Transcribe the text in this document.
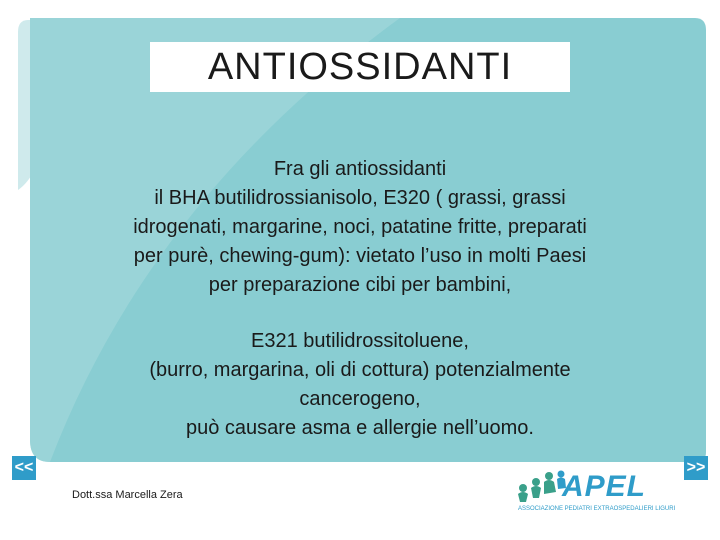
ANTIOSSIDANTI
Fra gli antiossidanti
il BHA butilidrossianisolo, E320 ( grassi, grassi
idrogenati, margarine, noci, patatine fritte, preparati
per purè, chewing-gum): vietato l’uso in molti Paesi
per preparazione cibi per bambini,
E321 butilidrossitoluene,
(burro, margarina, oli di cottura) potenzialmente
cancerogeno,
può causare asma e allergie nell’uomo.
<<	>>
Dott.ssa Marcella Zera	APEL
ASSOCIAZIONE PEDIATRI EXTRAOSPEDALIERI LIGURI
